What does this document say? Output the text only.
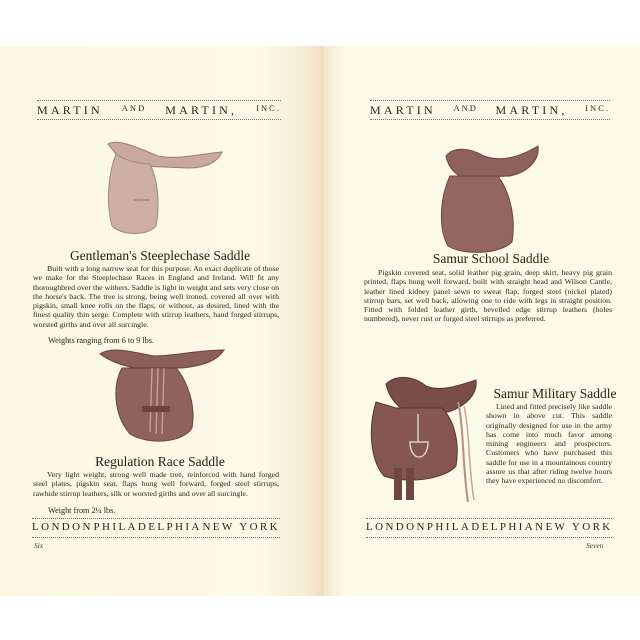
MARTIN AND MARTIN, INC.
Gentleman's Steeplechase Saddle
Built with a long narrow seat for this purpose. An exact duplicate of those we make for the Steeplechase Races in England and Ireland. Will fit any thoroughbred over the withers. Saddle is light in weight and sets very close on the horse's back. The tree is strong, being well ironed, covered all over with pigskin, small knee rolls on the flaps, or without, as desired, lined with the finest quality thin serge. Complete with stirrup leathers, hand forged stirrups, worsted girths and over all surcingle.
Weights ranging from 6 to 9 lbs.
Regulation Race Saddle
Very light weight, strong well made tree, reinforced with hand forged steel plates, pigskin seat, flaps hung well forward, forged steel stirrups, rawhide stirrup leathers, silk or worsted girths and over all surcingle.
Weight from 2¼ lbs.
LONDON PHILADELPHIA NEW YORK
Six
MARTIN AND MARTIN, INC.
Samur School Saddle
Pigskin covered seat, solid leather pig grain, deep skirt, heavy pig grain printed, flaps hung well forward, built with straight head and Wilson Cantle, leather lined kidney panel sewn to sweat flap, forged steel (nickel plated) stirrup bars, set well back, allowing one to ride with legs in straight position. Fitted with folded leather girth, bevelled edge stirrup leathers (holes numbered), never rust or forged steel stirrups as preferred.
Samur Military Saddle
Lined and fitted precisely like saddle shown in above cut. This saddle originally designed for use in the army has come into much favor among mining engineers and prospectors. Customers who have purchased this saddle for use in a mountainous country assure us that after riding twelve hours they have experienced no discomfort.
LONDON PHILADELPHIA NEW YORK
Seven
